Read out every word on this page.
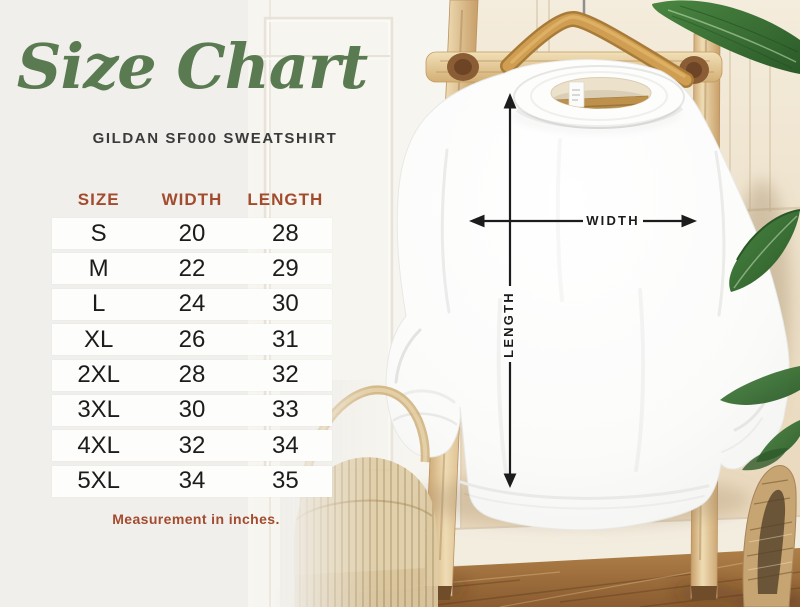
Size Chart
GILDAN SF000 SWEATSHIRT
SIZE	WIDTH	LENGTH
S	20	28
M	22	29
L	24	30
XL	26	31
2XL	28	32
3XL	30	33
4XL	32	34
5XL	34	35
Measurement in inches.
WIDTH
LENGTH
